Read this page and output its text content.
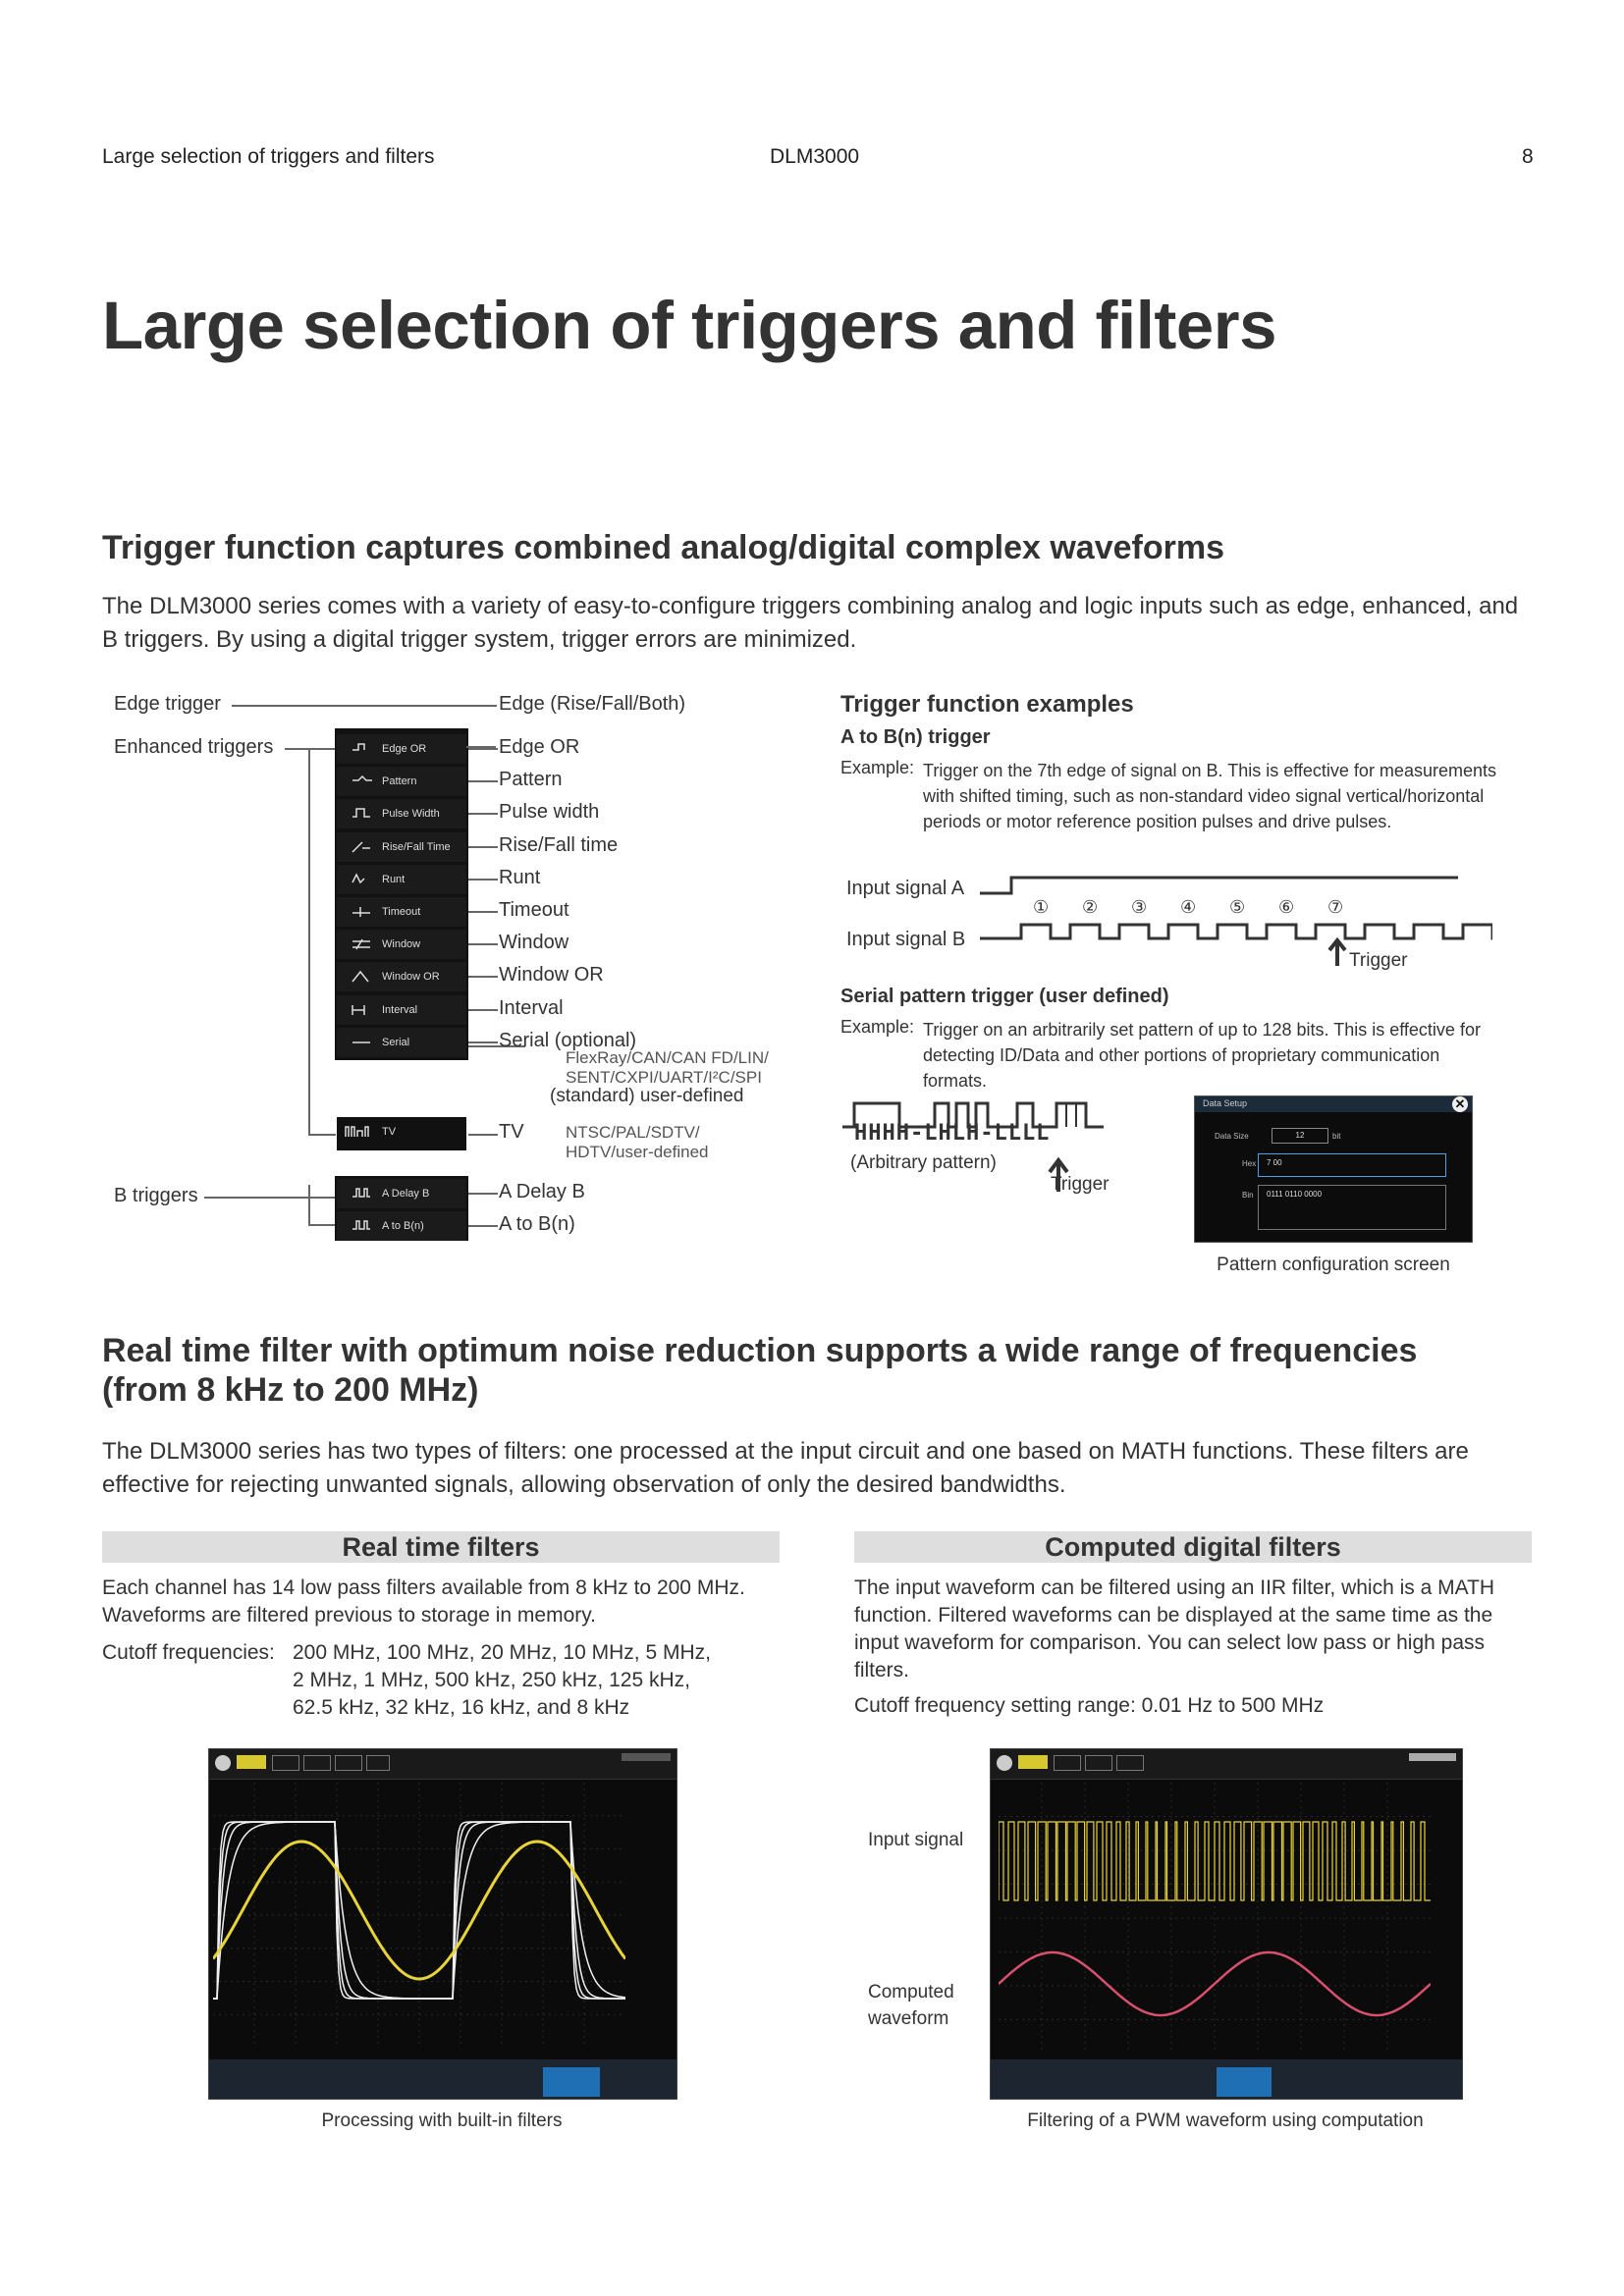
Large selection of triggers and filters	DLM3000	8
Large selection of triggers and filters
Trigger function captures combined analog/digital complex waveforms
The DLM3000 series comes with a variety of easy-to-configure triggers combining analog and logic inputs such as edge, enhanced, and B triggers. By using a digital trigger system, trigger errors are minimized.
Edge trigger
Enhanced triggers
B triggers
Edge OR
Pattern
Pulse Width
Rise/Fall Time
Runt
Timeout
Window
Window OR
Interval
Serial
Edge OR
Pattern
Pulse width
Rise/Fall time
Runt
Timeout
Window
Window OR
Interval
Serial (optional)
Edge (Rise/Fall/Both)
FlexRay/CAN/CAN FD/LIN/
SENT/CXPI/UART/I²C/SPI
(standard) user-defined
TV	TV NTSC/PAL/SDTV/
HDTV/user-defined
A Delay B
A to B(n)
A Delay B
A to B(n)
Trigger function examples
A to B(n) trigger
Example: Trigger on the 7th edge of signal on B. This is effective for measurements with shifted timing, such as non-standard video signal vertical/horizontal periods or motor reference position pulses and drive pulses.
Input signal A
Input signal B
① ② ③ ④ ⑤ ⑥ ⑦
Trigger
Serial pattern trigger (user defined)
Example: Trigger on an arbitrarily set pattern of up to 128 bits. This is effective for detecting ID/Data and other portions of proprietary communication formats.
HHHH-LHLH-LLLL
(Arbitrary pattern)
Trigger
Data Setup	✕
Data Size	12	bit
Hex	7 00
Bin	0111 0110 0000
Pattern configuration screen
Real time filter with optimum noise reduction supports a wide range of frequencies
(from 8 kHz to 200 MHz)
The DLM3000 series has two types of filters: one processed at the input circuit and one based on MATH functions. These filters are effective for rejecting unwanted signals, allowing observation of only the desired bandwidths.
Real time filters	Computed digital filters
Each channel has 14 low pass filters available from 8 kHz to 200 MHz. Waveforms are filtered previous to storage in memory.
Cutoff frequencies: 200 MHz, 100 MHz, 20 MHz, 10 MHz, 5 MHz,
2 MHz, 1 MHz, 500 kHz, 250 kHz, 125 kHz,
62.5 kHz, 32 kHz, 16 kHz, and 8 kHz
The input waveform can be filtered using an IIR filter, which is a MATH function. Filtered waveforms can be displayed at the same time as the input waveform for comparison. You can select low pass or high pass filters.
Cutoff frequency setting range: 0.01 Hz to 500 MHz
Processing with built-in filters
Input signal
Computed
waveform
Filtering of a PWM waveform using computation
